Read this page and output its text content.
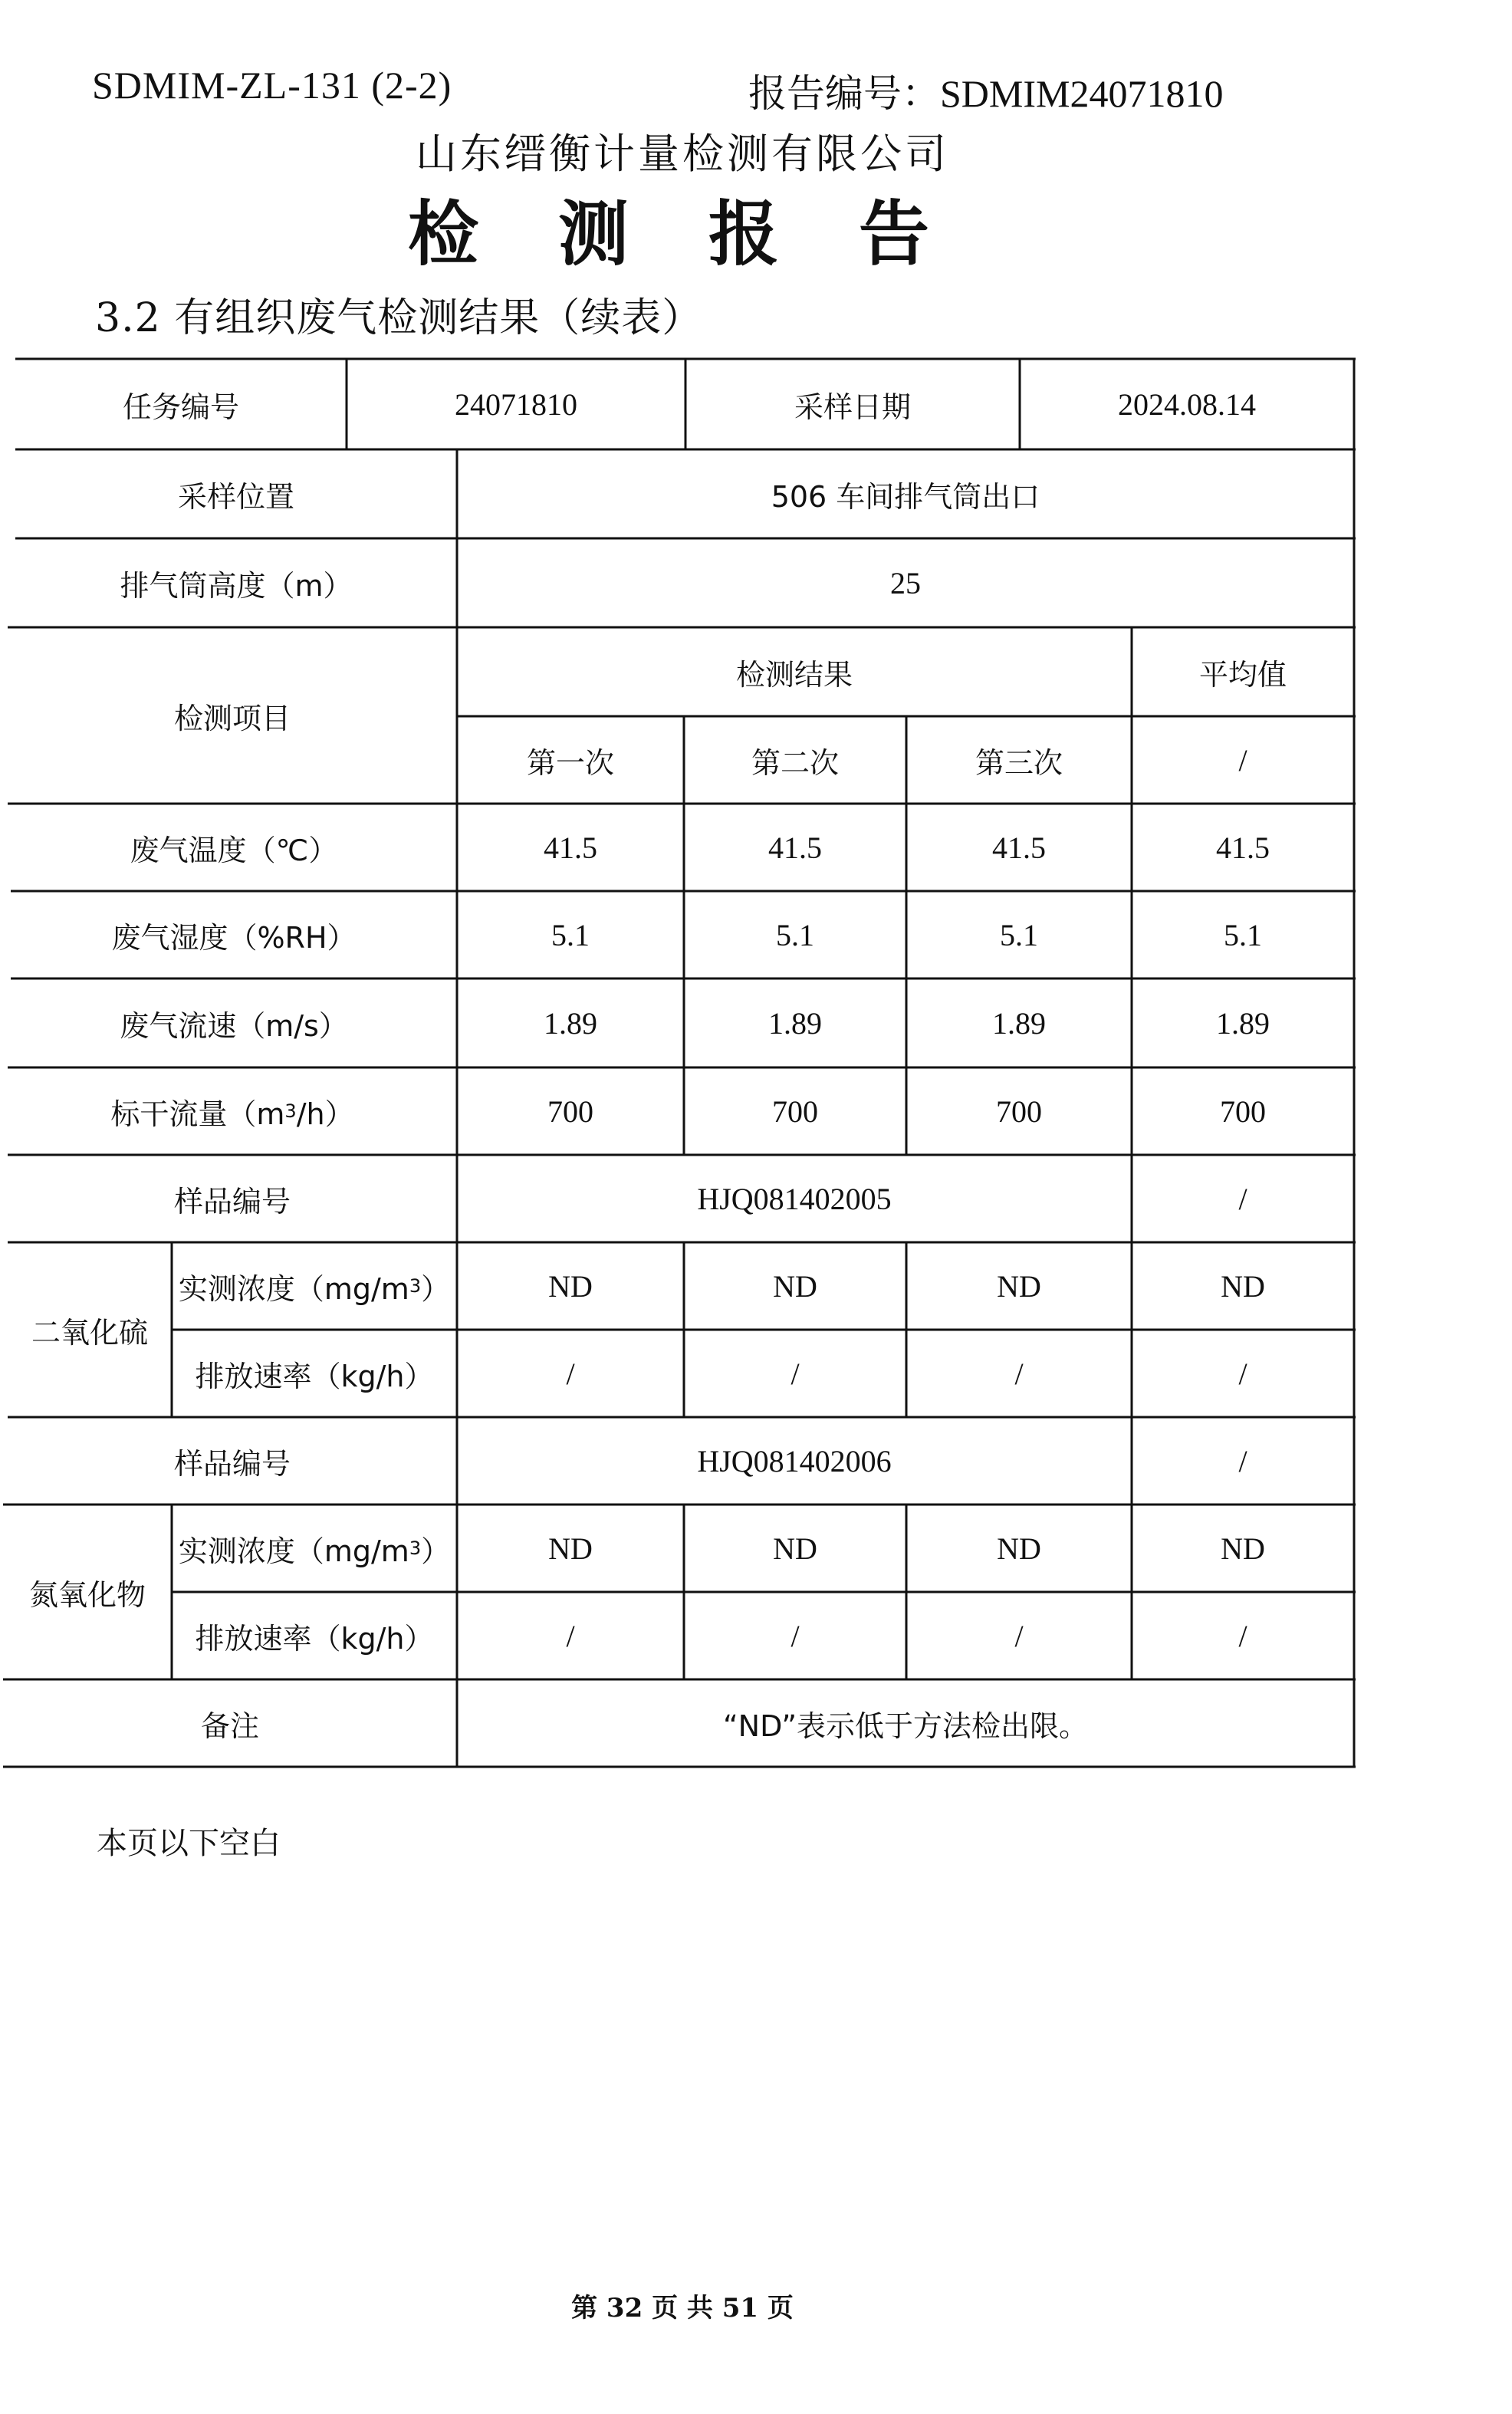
SDMIM-ZL-131 (2-2)	报告编号：SDMIM24071810
山东缙衡计量检测有限公司
检 测 报 告
3.2 有组织废气检测结果（续表）
任务编号	24071810	采样日期	2024.08.14
采样位置	506 车间排气筒出口
排气筒高度（m）	25
检测项目
检测结果	平均值
第一次	第二次	第三次	/
废气温度（℃）	41.5	41.5	41.5	41.5
废气湿度（%RH）	5.1	5.1	5.1	5.1
废气流速（m/s）	1.89	1.89	1.89	1.89
标干流量（m 3 /h）	700	700	700	700
样品编号	HJQ081402005	/
二氧化硫
实测浓度（mg/m 3 ）	ND	ND	ND	ND
排放速率（kg/h）	/	/	/	/
样品编号	HJQ081402006	/
氮氧化物
实测浓度（mg/m 3 ）	ND	ND	ND	ND
排放速率（kg/h）	/	/	/	/
备注	“ND”表示低于方法检出限。
本页以下空白
第 32 页 共 51 页
